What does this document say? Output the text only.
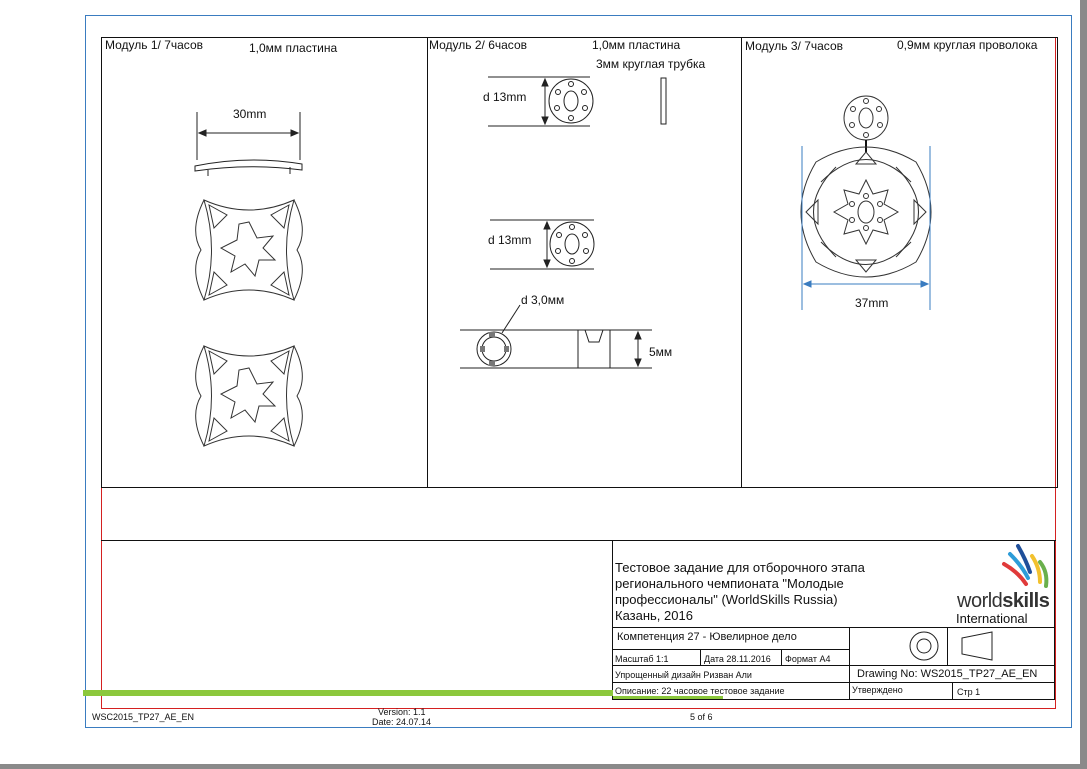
Модуль 1/ 7часов	1,0мм пластина
30mm
Модуль 2/ 6часов	1,0мм пластина
3мм круглая трубка
d 13mm
d 13mm
d 3,0мм
5мм
Модуль 3/ 7часов	0,9мм круглая проволока
37mm
Тестовое задание для отборочного этапа
регионального чемпионата "Молодые
профессионалы" (WorldSkills Russia)
Казань, 2016
worldskills
International
Компетенция 27 - Ювелирное дело
Масштаб 1:1	Дата 28.11.2016 Формат А4
Упрощенный дизайн Ризван Али
Описание: 22 часовое тестовое задание
Drawing No: WS2015_TP27_AE_EN
Утверждено	Стр 1
WSC2015_TP27_AE_EN	Version: 1.1
Date: 24.07.14	5 of 6
